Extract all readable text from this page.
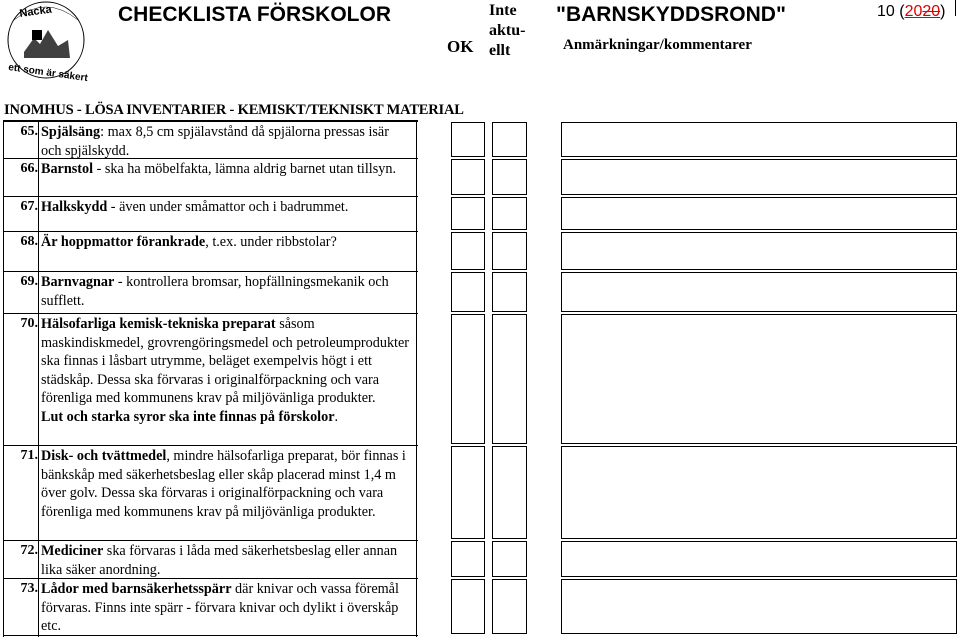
Nacka
ett som är säkert
CHECKLISTA FÖRSKOLOR
OK
Inte
aktu-
ellt
"BARNSKYDDSROND"
Anmärkningar/kommentarer
10 (2020)
INOMHUS - LÖSA INVENTARIER - KEMISKT/TEKNISKT MATERIAL
65. Spjälsäng: max 8,5 cm spjälavstånd då spjälorna pressas isär och spjälskydd.
66. Barnstol - ska ha möbelfakta, lämna aldrig barnet utan tillsyn.
67. Halkskydd - även under småmattor och i badrummet.
68. Är hoppmattor förankrade, t.ex. under ribbstolar?
69. Barnvagnar - kontrollera bromsar, hopfällningsmekanik och sufflett.
70. Hälsofarliga kemisk-tekniska preparat såsom maskindiskmedel, grovrengöringsmedel och petroleumprodukter ska finnas i låsbart utrymme, beläget exempelvis högt i ett städskåp. Dessa ska förvaras i originalförpackning och vara förenliga med kommunens krav på miljövänliga produkter.
Lut och starka syror ska inte finnas på förskolor.
71. Disk- och tvättmedel, mindre hälsofarliga preparat, bör finnas i bänkskåp med säkerhetsbeslag eller skåp placerad minst 1,4 m över golv. Dessa ska förvaras i originalförpackning och vara förenliga med kommunens krav på miljövänliga produkter.
72. Mediciner ska förvaras i låda med säkerhetsbeslag eller annan lika säker anordning.
73. Lådor med barnsäkerhetsspärr där knivar och vassa föremål förvaras. Finns inte spärr - förvara knivar och dylikt i överskåp etc.
